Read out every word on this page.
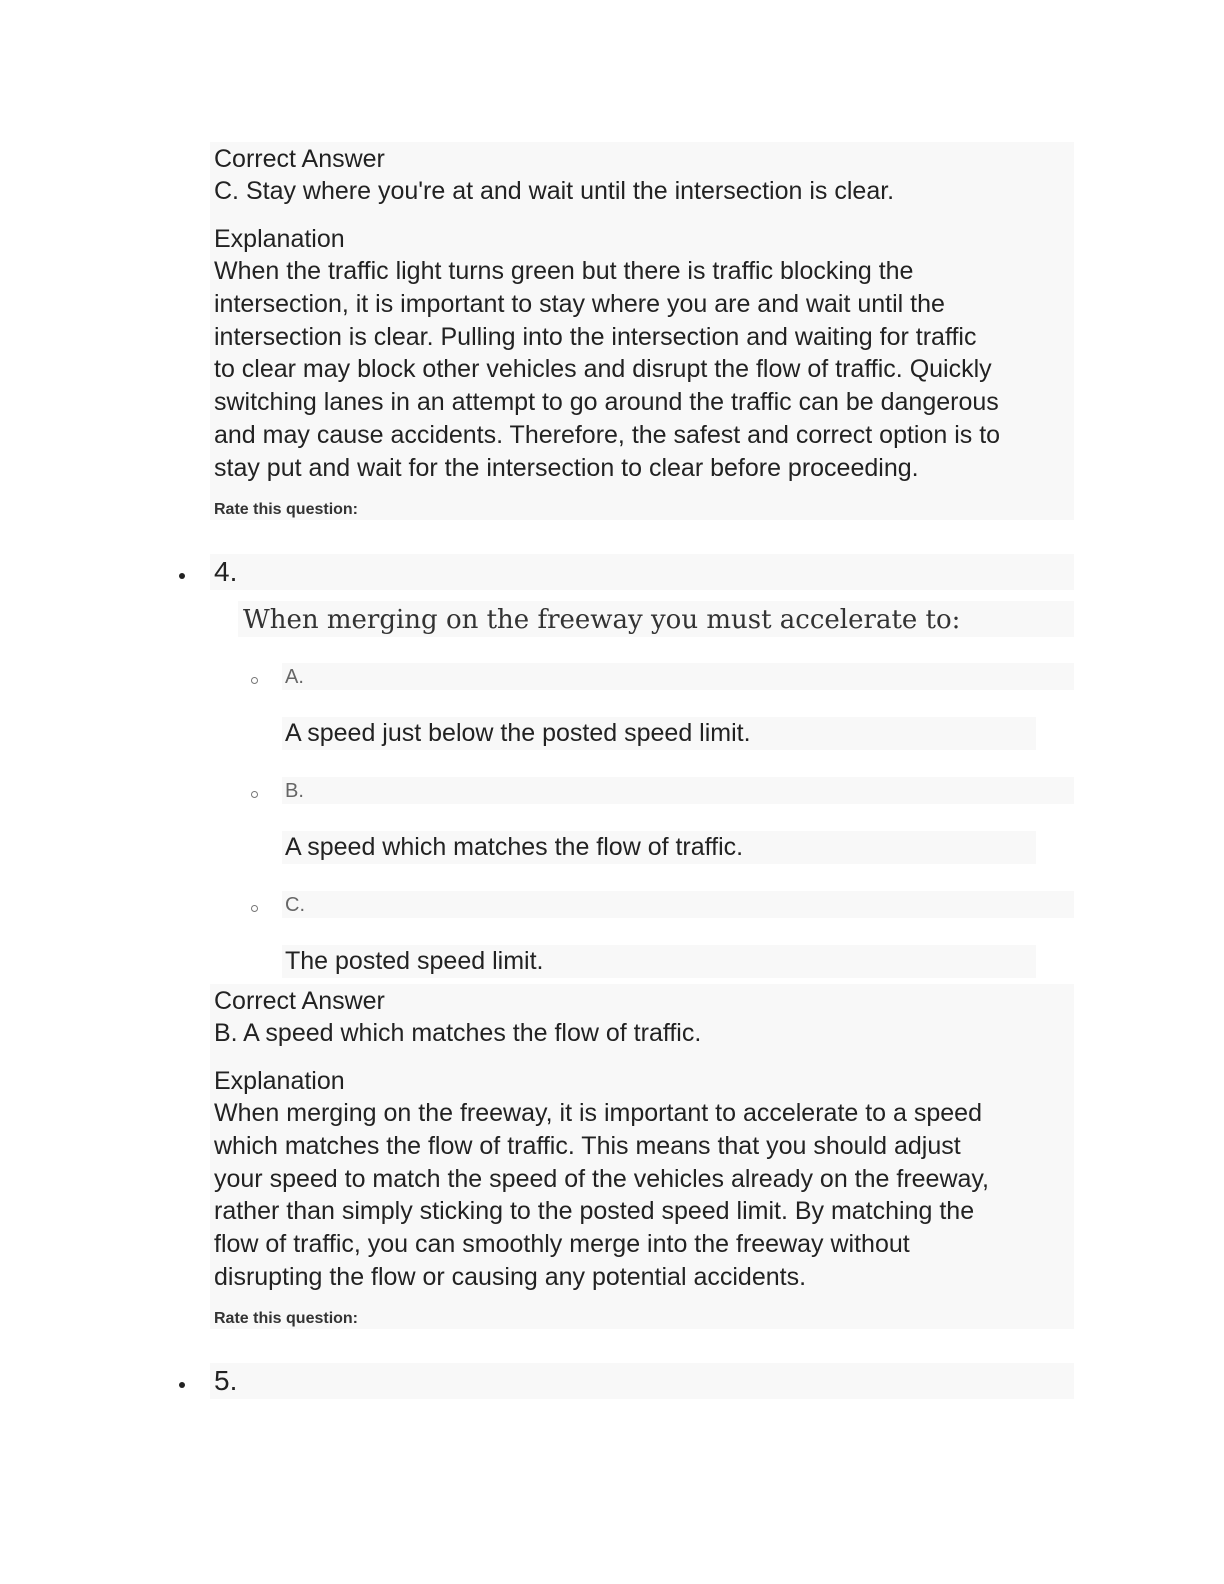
Correct Answer
C. Stay where you're at and wait until the intersection is clear.
Explanation
When the traffic light turns green but there is traffic blocking the
intersection, it is important to stay where you are and wait until the
intersection is clear. Pulling into the intersection and waiting for traffic
to clear may block other vehicles and disrupt the flow of traffic. Quickly
switching lanes in an attempt to go around the traffic can be dangerous
and may cause accidents. Therefore, the safest and correct option is to
stay put and wait for the intersection to clear before proceeding.
Rate this question:
4.
When merging on the freeway you must accelerate to:
A.
A speed just below the posted speed limit.
B.
A speed which matches the flow of traffic.
C.
The posted speed limit.
Correct Answer
B. A speed which matches the flow of traffic.
Explanation
When merging on the freeway, it is important to accelerate to a speed
which matches the flow of traffic. This means that you should adjust
your speed to match the speed of the vehicles already on the freeway,
rather than simply sticking to the posted speed limit. By matching the
flow of traffic, you can smoothly merge into the freeway without
disrupting the flow or causing any potential accidents.
Rate this question:
5.
